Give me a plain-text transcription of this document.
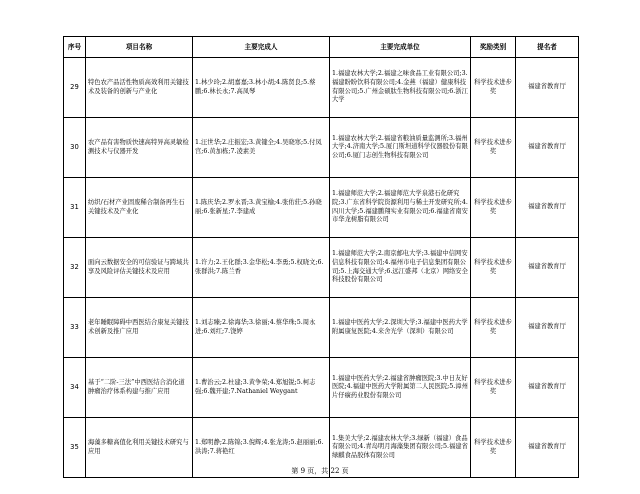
序号	项目名称	主要完成人	主要完成单位	奖励类别	提名者
29	特色农产品活性物质高效利用关键技术及装备的创新与产业化	1.林少玲;2.胡嘉嘉;3.林小胡;4.陈贤良;5.蔡鹏;6.林长永;7.高凤琴	1.福建农林大学;2.福建之味食品工业有限公司;3.福建盼盼饮料有限公司;4.金燕（福建）健康科技有限公司;5.广州金硕肽生物科技有限公司;6.浙江大学	科学技术进步奖	福建省教育厅
30	农产品有害物质快速高特异高灵敏检测技术与仪器开发	1.汪世华;2.庄振宏;3.黄键全;4.吴晓寒;5.付凤宫;6.黄加栋;7.凌素美	1.福建农林大学;2.福建省粮油质量监测所;3.福州大学;4.济南大学;5.厦门斯坦道科学仪器股份有限公司;6.厦门志创生物科技有限公司	科学技术进步奖	福建省教育厅
31	纺织/石材产业固废稀合制备再生石关键技术及产业化	1.陈庆华;2.罗永晋;3.黄宝榆;4.张佑莊;5.孙晓丽;6.张新星;7.李建成	1.福建师范大学;2.福建师范大学泉港石化研究院;3.广东省科学院资源利用与稀土开发研究所;4.四川大学;5.福建鹏翔实业有限公司;6.福建省南安市华龙树脂有限公司	科学技术进步奖	福建省教育厅
32	面向云数据安全的可信验证与跨域共享及风险评估关键技术及应用	1.许力;2.王化群;3.金华松;4.李勇;5.权晓文;6.张群洪;7.陈兰香	1.福建师范大学;2.南京邮电大学;3.福建中信网安信息科技有限公司;4.福州市电子信息集团有限公司;5.上海交通大学;6.远江盛邦（北京）网络安全科技股份有限公司	科学技术进步奖	福建省教育厅
33	老年睡眠障碍中西医结合康复关键技术创新及推广应用	1.刘志臻;2.徐海华;3.徐丽;4.蔡华珠;5.周永进;6.刘红;7.饶婷	1.福建中医药大学;2.深圳大学;3.福建中医药大学附属康复医院;4.来舍光学（深圳）有限公司	科学技术进步奖	福建省教育厅
34	基于“二阶-三法”中西医结合消化道肿瘤治疗体系构建与推广应用	1.曹治云;2.杜建;3.黄争荣;4.郑旭锐;5.柯志强;6.魏开建;7.Nathaniel Weygant	1.福建中医药大学;2.福建省肿瘤医院;3.中日友好医院;4.福建中医药大学附属第二人民医院;5.漳州片仔癀药业股份有限公司	科学技术进步奖	福建省教育厅
35	海藻多糖高值化利用关键技术研究与应用	1.郑明静;2.陈锦;3.倪辉;4.张龙涛;5.赵丽丽;6.洪涛;7.蒋艳红	1.集美大学;2.福建农林大学;3.绿新（福建）食品有限公司;4.青岛明月海藻集团有限公司;5.福建省绿麒食品胶体有限公司	科学技术进步奖	福建省教育厅
第 9 页，共 22 页
